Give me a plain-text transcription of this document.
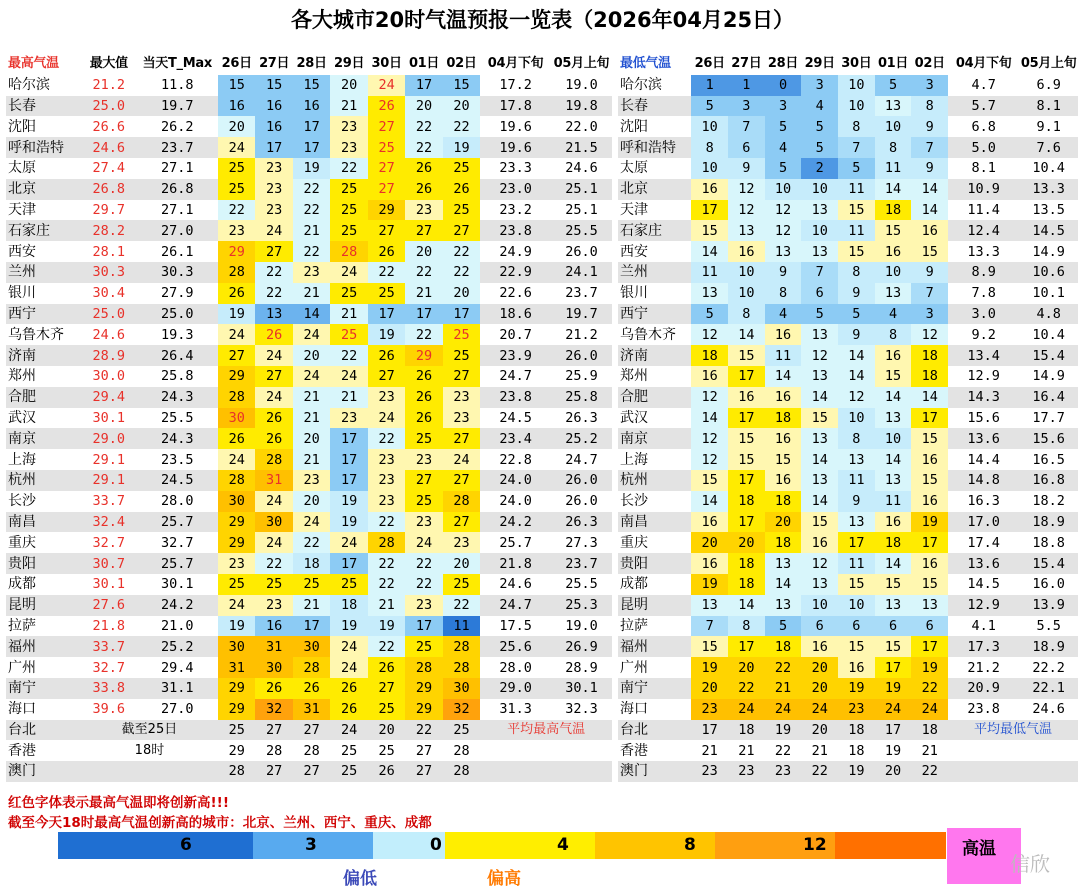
各大城市20时气温预报一览表（2026年04月25日）
最高气温	最大值	当天T_Max	26日	27日	28日	29日	30日	01日	02日	04月下旬	05月上旬
哈尔滨	21.2	11.8	15	15	15	20	24	17	15	17.2	19.0
长春	25.0	19.7	16	16	16	21	26	20	20	17.8	19.8
沈阳	26.6	26.2	20	16	17	23	27	22	22	19.6	22.0
呼和浩特	24.6	23.7	24	17	17	23	25	22	19	19.6	21.5
太原	27.4	27.1	25	23	19	22	27	26	25	23.3	24.6
北京	26.8	26.8	25	23	22	25	27	26	26	23.0	25.1
天津	29.7	27.1	22	23	22	25	29	23	25	23.2	25.1
石家庄	28.2	27.0	23	24	21	25	27	27	27	23.8	25.5
西安	28.1	26.1	29	27	22	28	26	20	22	24.9	26.0
兰州	30.3	30.3	28	22	23	24	22	22	22	22.9	24.1
银川	30.4	27.9	26	22	21	25	25	21	20	22.6	23.7
西宁	25.0	25.0	19	13	14	21	17	17	17	18.6	19.7
乌鲁木齐	24.6	19.3	24	26	24	25	19	22	25	20.7	21.2
济南	28.9	26.4	27	24	20	22	26	29	25	23.9	26.0
郑州	30.0	25.8	29	27	24	24	27	26	27	24.7	25.9
合肥	29.4	24.3	28	24	21	21	23	26	23	23.8	25.8
武汉	30.1	25.5	30	26	21	23	24	26	23	24.5	26.3
南京	29.0	24.3	26	26	20	17	22	25	27	23.4	25.2
上海	29.1	23.5	24	28	21	17	23	23	24	22.8	24.7
杭州	29.1	24.5	28	31	23	17	23	27	27	24.0	26.0
长沙	33.7	28.0	30	24	20	19	23	25	28	24.0	26.0
南昌	32.4	25.7	29	30	24	19	22	23	27	24.2	26.3
重庆	32.7	32.7	29	24	22	24	28	24	23	25.7	27.3
贵阳	30.7	25.7	23	22	18	17	22	22	20	21.8	23.7
成都	30.1	30.1	25	25	25	25	22	22	25	24.6	25.5
昆明	27.6	24.2	24	23	21	18	21	23	22	24.7	25.3
拉萨	21.8	21.0	19	16	17	19	19	17	11	17.5	19.0
福州	33.7	25.2	30	31	30	24	22	25	28	25.6	26.9
广州	32.7	29.4	31	30	28	24	26	28	28	28.0	28.9
南宁	33.8	31.1	29	26	26	26	27	29	30	29.0	30.1
海口	39.6	27.0	29	32	31	26	25	29	32	31.3	32.3
台北	截至25日		25	27	27	24	20	22	25	平均最高气温	
香港	18时		29	28	28	25	25	27	28		
澳门			28	27	27	25	26	27	28		
最低气温	26日	27日	28日	29日	30日	01日	02日	04月下旬	05月上旬
哈尔滨	1	1	0	3	10	5	3	4.7	6.9
长春	5	3	3	4	10	13	8	5.7	8.1
沈阳	10	7	5	5	8	10	9	6.8	9.1
呼和浩特	8	6	4	5	7	8	7	5.0	7.6
太原	10	9	5	2	5	11	9	8.1	10.4
北京	16	12	10	10	11	14	14	10.9	13.3
天津	17	12	12	13	15	18	14	11.4	13.5
石家庄	15	13	12	10	11	15	16	12.4	14.5
西安	14	16	13	13	15	16	15	13.3	14.9
兰州	11	10	9	7	8	10	9	8.9	10.6
银川	13	10	8	6	9	13	7	7.8	10.1
西宁	5	8	4	5	5	4	3	3.0	4.8
乌鲁木齐	12	14	16	13	9	8	12	9.2	10.4
济南	18	15	11	12	14	16	18	13.4	15.4
郑州	16	17	14	13	14	15	18	12.9	14.9
合肥	12	16	16	14	12	14	14	14.3	16.4
武汉	14	17	18	15	10	13	17	15.6	17.7
南京	12	15	16	13	8	10	15	13.6	15.6
上海	12	15	15	14	13	14	16	14.4	16.5
杭州	15	17	16	13	11	13	15	14.8	16.8
长沙	14	18	18	14	9	11	16	16.3	18.2
南昌	16	17	20	15	13	16	19	17.0	18.9
重庆	20	20	18	16	17	18	17	17.4	18.8
贵阳	16	18	13	12	11	14	16	13.6	15.4
成都	19	18	14	13	15	15	15	14.5	16.0
昆明	13	14	13	10	10	13	13	12.9	13.9
拉萨	7	8	5	6	6	6	6	4.1	5.5
福州	15	17	18	16	15	15	17	17.3	18.9
广州	19	20	22	20	16	17	19	21.2	22.2
南宁	20	22	21	20	19	19	22	20.9	22.1
海口	23	24	24	24	23	24	24	23.8	24.6
台北	17	18	19	20	18	17	18	平均最低气温	
香港	21	21	22	21	18	19	21		
澳门	23	23	23	22	19	20	22		
红色字体表示最高气温即将创新高!!!
截至今天18时最高气温创新高的城市：北京、兰州、西宁、重庆、成都
6	3	0	4	8	12
偏低	偏高
高温
信欣
